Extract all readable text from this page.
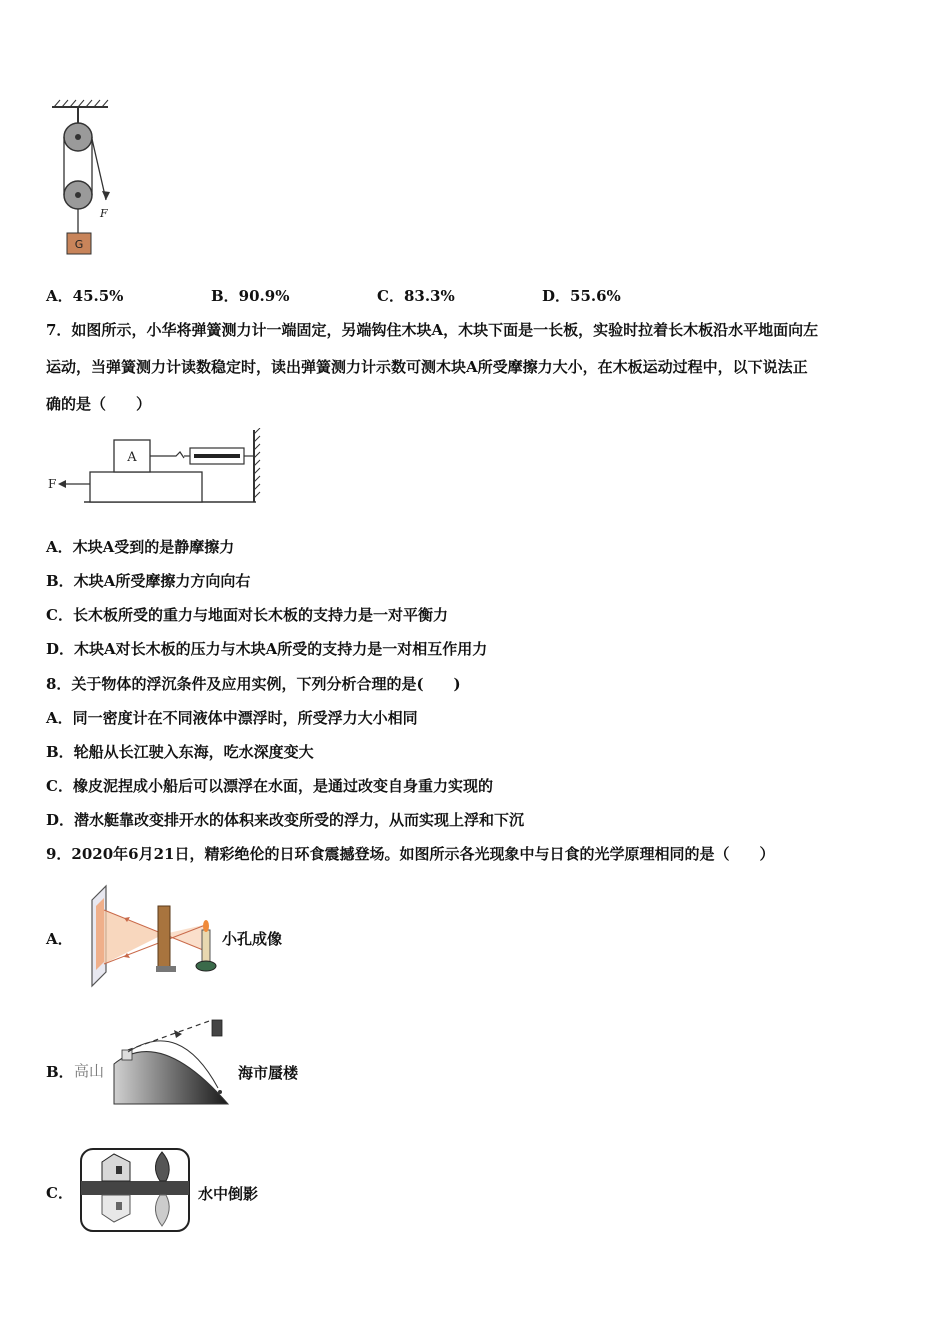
G
F
A．45.5%	B．90.9%	C．83.3%	D．55.6%
7．如图所示，小华将弹簧测力计一端固定，另端钩住木块A，木块下面是一长板，实验时拉着长木板沿水平地面向左
运动，当弹簧测力计读数稳定时，读出弹簧测力计示数可测木块A所受摩擦力大小，在木板运动过程中，以下说法正
确的是（　　）
A
F
A．木块A受到的是静摩擦力
B．木块A所受摩擦力方向向右
C．长木板所受的重力与地面对长木板的支持力是一对平衡力
D．木块A对长木板的压力与木块A所受的支持力是一对相互作用力
8．关于物体的浮沉条件及应用实例，下列分析合理的是(　　)
A．同一密度计在不同液体中漂浮时，所受浮力大小相同
B．轮船从长江驶入东海，吃水深度变大
C．橡皮泥捏成小船后可以漂浮在水面，是通过改变自身重力实现的
D．潜水艇靠改变排开水的体积来改变所受的浮力，从而实现上浮和下沉
9．2020年6月21日，精彩绝伦的日环食震撼登场。如图所示各光现象中与日食的光学原理相同的是（　　）
A．	小孔成像
B． 高山	海市蜃楼
C．	水中倒影
